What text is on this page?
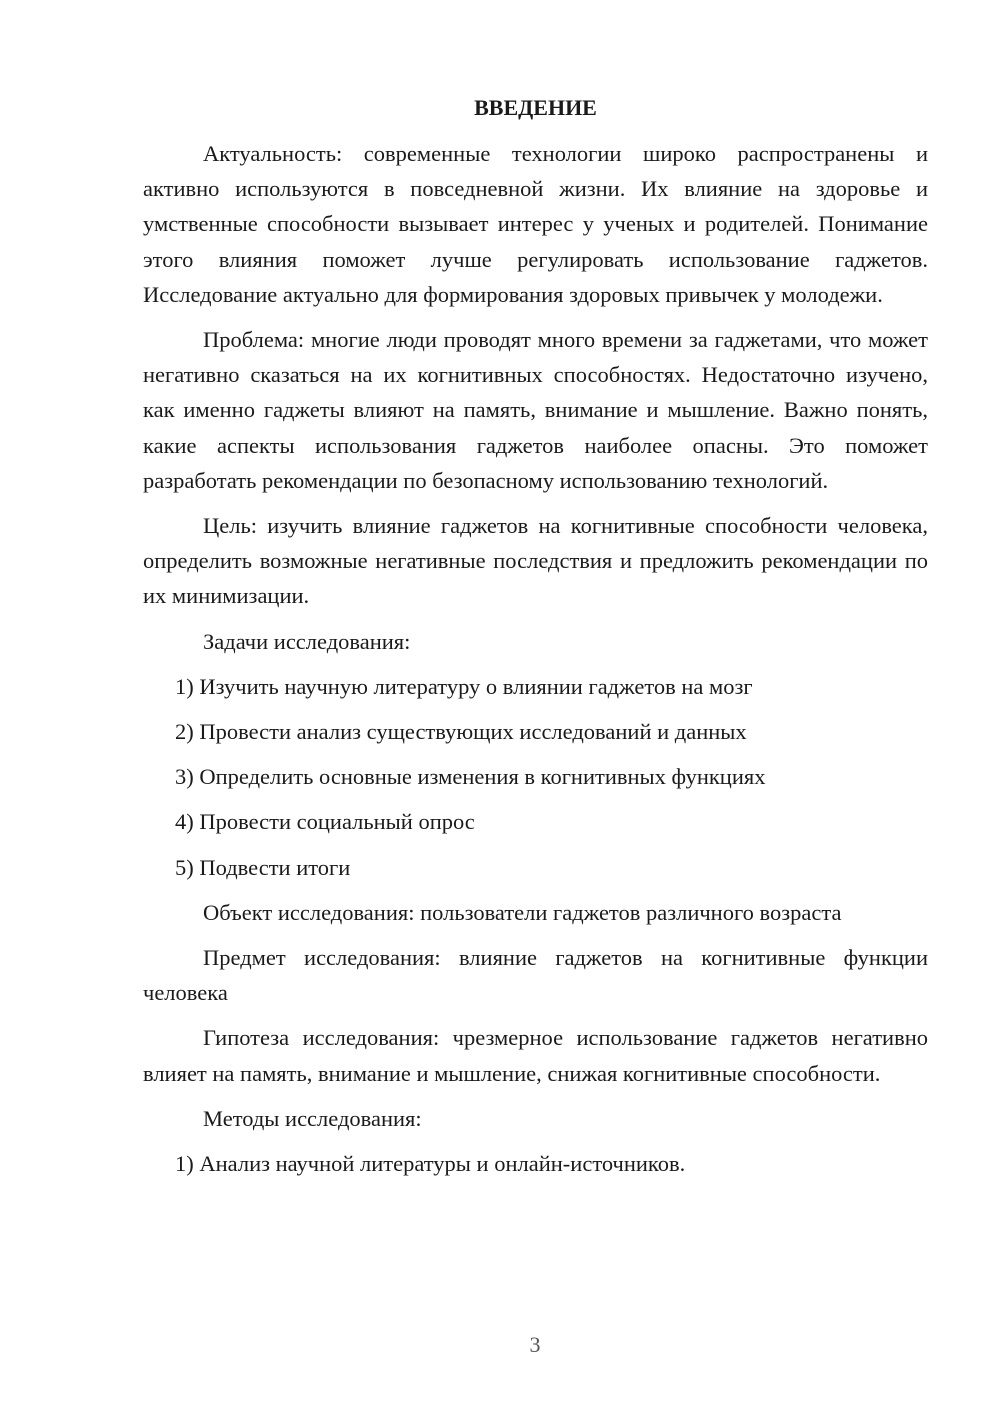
ВВЕДЕНИЕ

Актуальность: современные технологии широко распространены и активно используются в повседневной жизни. Их влияние на здоровье и умственные способности вызывает интерес у ученых и родителей. Понимание этого влияния поможет лучше регулировать использование гаджетов. Исследование актуально для формирования здоровых привычек у молодежи.

Проблема: многие люди проводят много времени за гаджетами, что может негативно сказаться на их когнитивных способностях. Недостаточно изучено, как именно гаджеты влияют на память, внимание и мышление. Важно понять, какие аспекты использования гаджетов наиболее опасны. Это поможет разработать рекомендации по безопасному использованию технологий.

Цель: изучить влияние гаджетов на когнитивные способности человека, определить возможные негативные последствия и предложить рекомендации по их минимизации.

Задачи исследования:

1) Изучить научную литературу о влиянии гаджетов на мозг
2) Провести анализ существующих исследований и данных
3) Определить основные изменения в когнитивных функциях
4) Провести социальный опрос
5) Подвести итоги

Объект исследования: пользователи гаджетов различного возраста

Предмет исследования: влияние гаджетов на когнитивные функции человека

Гипотеза исследования: чрезмерное использование гаджетов негативно влияет на память, внимание и мышление, снижая когнитивные способности.

Методы исследования:

1) Анализ научной литературы и онлайн-источников.
3
